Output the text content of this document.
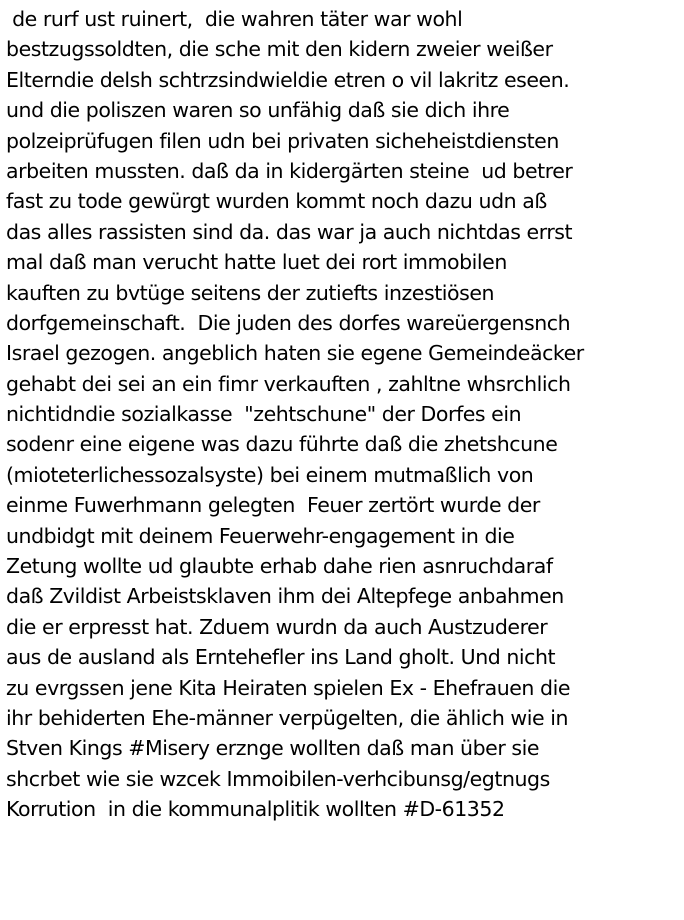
de rurf ust ruinert,  die wahren täter war wohl
bestzugssoldten, die sche mit den kidern zweier weißer
Elterndie delsh schtrzsindwieldie etren o vil lakritz eseen.
und die poliszen waren so unfähig daß sie dich ihre
polzeiprüfugen filen udn bei privaten sicheheistdiensten
arbeiten mussten. daß da in kidergärten steine  ud betrer
fast zu tode gewürgt wurden kommt noch dazu udn aß
das alles rassisten sind da. das war ja auch nichtdas errst
mal daß man verucht hatte luet dei rort immobilen
kauften zu bvtüge seitens der zutiefts inzestiösen
dorfgemeinschaft.  Die juden des dorfes wareüergensnch
Israel gezogen. angeblich haten sie egene Gemeindeäcker
gehabt dei sei an ein fimr verkauften , zahltne whsrchlich
nichtidndie sozialkasse  "zehtschune" der Dorfes ein
sodenr eine eigene was dazu führte daß die zhetshcune
(mioteterlichessozalsyste) bei einem mutmaßlich von
einme Fuwerhmann gelegten  Feuer zertört wurde der
undbidgt mit deinem Feuerwehr-engagement in die
Zetung wollte ud glaubte erhab dahe rien asnruchdaraf
daß Zvildist Arbeistsklaven ihm dei Altepfege anbahmen
die er erpresst hat. Zduem wurdn da auch Austzuderer
aus de ausland als Erntehefler ins Land gholt. Und nicht
zu evrgssen jene Kita Heiraten spielen Ex - Ehefrauen die
ihr behiderten Ehe-männer verpügelten, die ählich wie in
Stven Kings #Misery erznge wollten daß man über sie
shcrbet wie sie wzcek Immoibilen-verhcibunsg/egtnugs
Korrution  in die kommunalplitik wollten #D-61352
